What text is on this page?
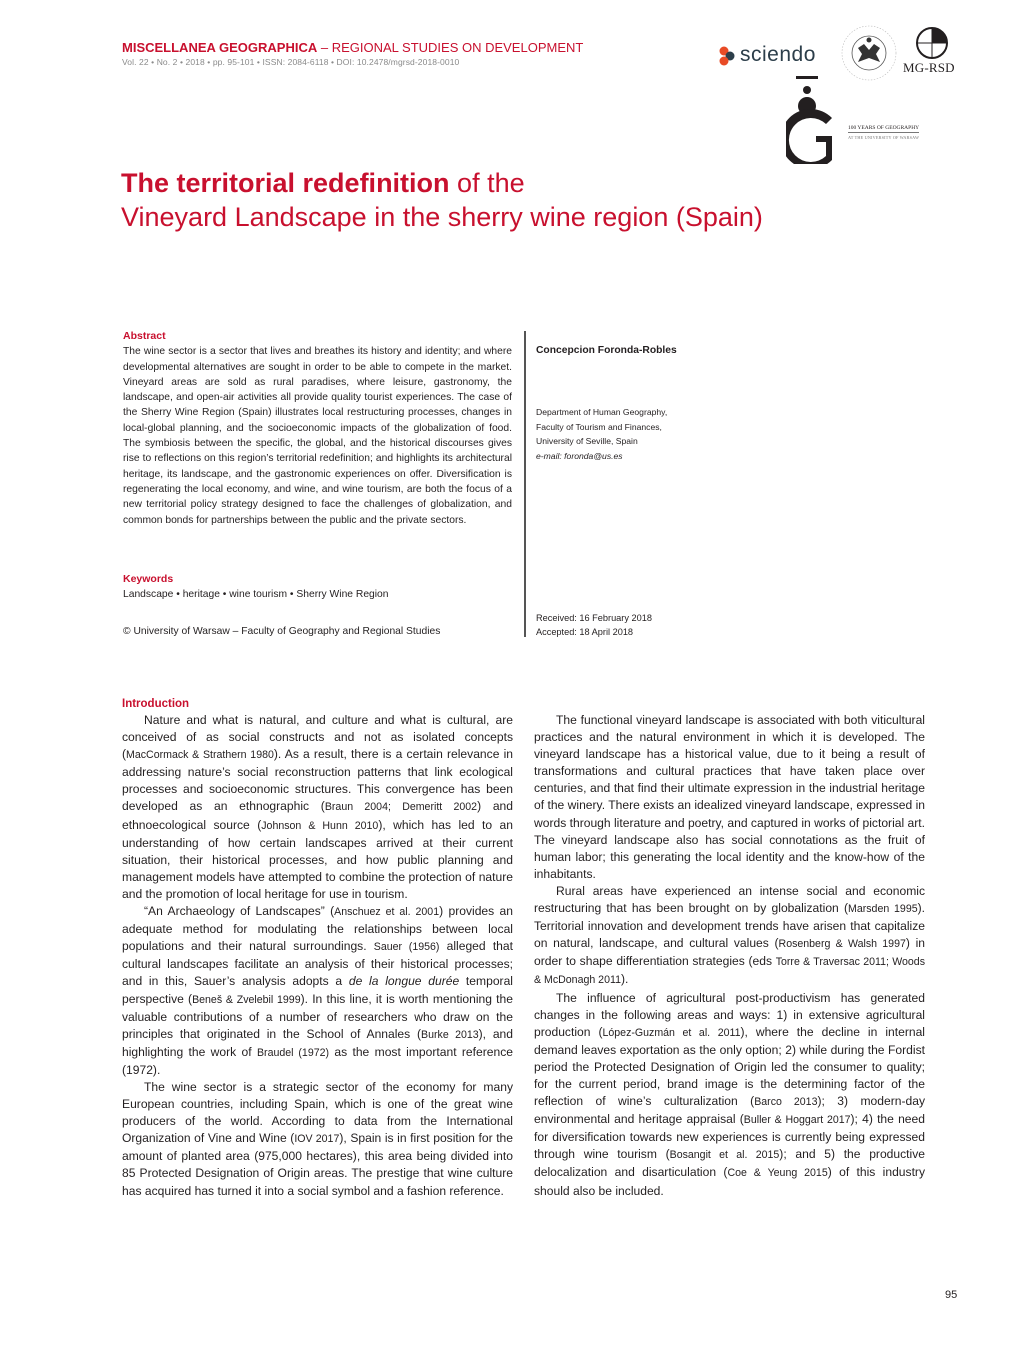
MISCELLANEA GEOGRAPHICA – REGIONAL STUDIES ON DEVELOPMENT
Vol. 22 • No. 2 • 2018 • pp. 95-101 • ISSN: 2084-6118 • DOI: 10.2478/mgrsd-2018-0010	sciendo
MG-RSD
100 YEARS OF GEOGRAPHY
AT THE UNIVERSITY OF WARSAW
The territorial redefinition of the
Vineyard Landscape in the sherry wine region (Spain)
Abstract
The wine sector is a sector that lives and breathes its history and identity; and where developmental alternatives are sought in order to be able to compete in the market. Vineyard areas are sold as rural paradises, where leisure, gastronomy, the landscape, and open-air activities all provide quality tourist experiences. The case of the Sherry Wine Region (Spain) illustrates local restructuring processes, changes in local-global planning, and the socioeconomic impacts of the globalization of food. The symbiosis between the specific, the global, and the historical discourses gives rise to reflections on this region’s territorial redefinition; and highlights its architectural heritage, its landscape, and the gastronomic experiences on offer. Diversification is regenerating the local economy, and wine, and wine tourism, are both the focus of a new territorial policy strategy designed to face the challenges of globalization, and common bonds for partnerships between the public and the private sectors.
Keywords
Landscape • heritage • wine tourism • Sherry Wine Region
© University of Warsaw – Faculty of Geography and Regional Studies
Concepcion Foronda-Robles
Department of Human Geography,
Faculty of Tourism and Finances,
University of Seville, Spain
e-mail: foronda@us.es
Received: 16 February 2018
Accepted: 18 April 2018
Introduction

Nature and what is natural, and culture and what is cultural, are conceived of as social constructs and not as isolated concepts (MacCormack & Strathern 1980). As a result, there is a certain relevance in addressing nature’s social reconstruction patterns that link ecological processes and socioeconomic structures. This convergence has been developed as an ethnographic (Braun 2004; Demeritt 2002) and ethnoecological source (Johnson & Hunn 2010), which has led to an understanding of how certain landscapes arrived at their current situation, their historical processes, and how public planning and management models have attempted to combine the protection of nature and the promotion of local heritage for use in tourism.

“An Archaeology of Landscapes” (Anschuez et al. 2001) provides an adequate method for modulating the relationships between local populations and their natural surroundings. Sauer (1956) alleged that cultural landscapes facilitate an analysis of their historical processes; and in this, Sauer’s analysis adopts a de la longue durée temporal perspective (Beneš & Zvelebil 1999). In this line, it is worth mentioning the valuable contributions of a number of researchers who draw on the principles that originated in the School of Annales (Burke 2013), and highlighting the work of Braudel (1972) as the most important reference (1972).

The wine sector is a strategic sector of the economy for many European countries, including Spain, which is one of the great wine producers of the world. According to data from the International Organization of Vine and Wine (IOV 2017), Spain is in first position for the amount of planted area (975,000 hectares), this area being divided into 85 Protected Designation of Origin areas. The prestige that wine culture has acquired has turned it into a social symbol and a fashion reference.

The functional vineyard landscape is associated with both viticultural practices and the natural environment in which it is developed. The vineyard landscape has a historical value, due to it being a result of transformations and cultural practices that have taken place over centuries, and that find their ultimate expression in the industrial heritage of the winery. There exists an idealized vineyard landscape, expressed in words through literature and poetry, and captured in works of pictorial art. The vineyard landscape also has social connotations as the fruit of human labor; this generating the local identity and the know-how of the inhabitants.

Rural areas have experienced an intense social and economic restructuring that has been brought on by globalization (Marsden 1995). Territorial innovation and development trends have arisen that capitalize on natural, landscape, and cultural values (Rosenberg & Walsh 1997) in order to shape differentiation strategies (eds Torre & Traversac 2011; Woods & McDonagh 2011).

The influence of agricultural post-productivism has generated changes in the following areas and ways: 1) in extensive agricultural production (López-Guzmán et al. 2011), where the decline in internal demand leaves exportation as the only option; 2) while during the Fordist period the Protected Designation of Origin led the consumer to quality; for the current period, brand image is the determining factor of the reflection of wine’s culturalization (Barco 2013); 3) modern-day environmental and heritage appraisal (Buller & Hoggart 2017); 4) the need for diversification towards new experiences is currently being expressed through wine tourism (Bosangit et al. 2015); and 5) the productive delocalization and disarticulation (Coe & Yeung 2015) of this industry should also be included.

95
